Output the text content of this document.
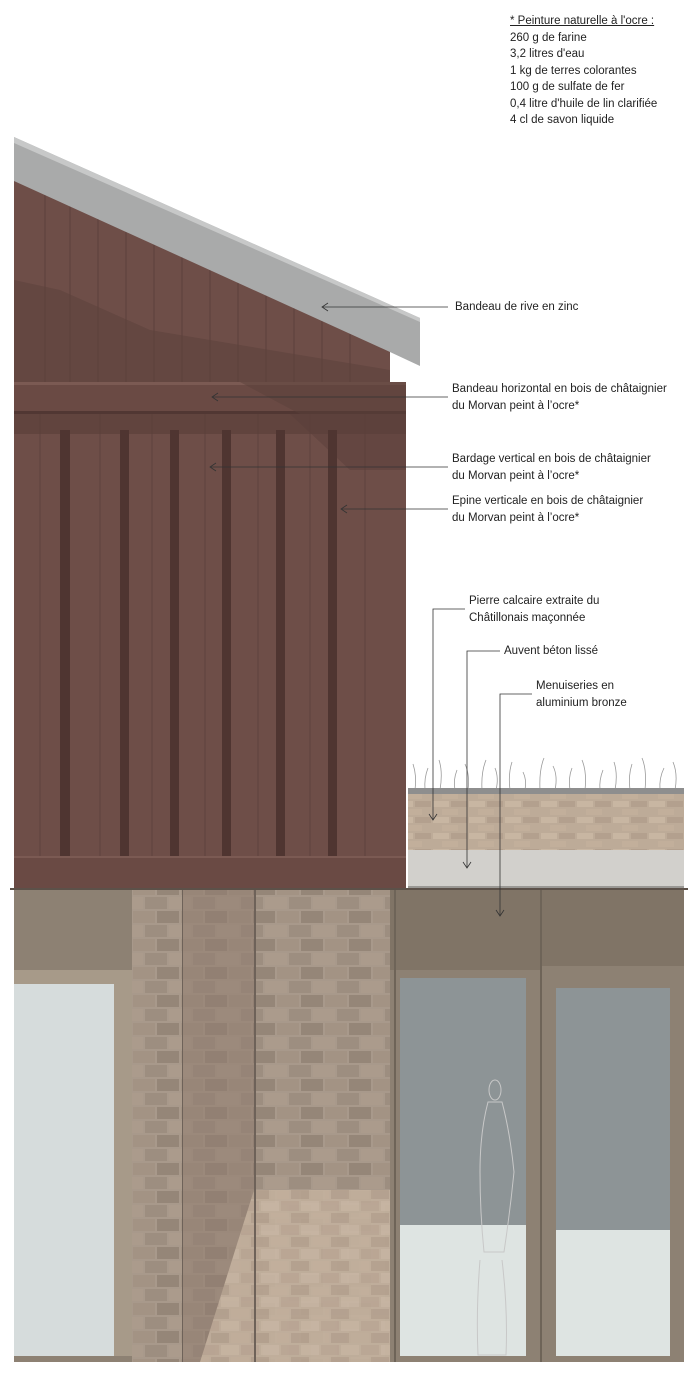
* Peinture naturelle à l'ocre :
260 g de farine
3,2 litres d'eau
1 kg de terres colorantes
100 g de sulfate de fer
0,4 litre d'huile de lin clarifiée
4 cl de savon liquide
Bandeau de rive en zinc
Bandeau horizontal en bois de châtaignier
du Morvan peint à l’ocre*
Bardage vertical en bois de châtaignier
du Morvan peint à l’ocre*
Epine verticale en bois de châtaignier
du Morvan peint à l’ocre*
Pierre calcaire extraite du
Châtillonais maçonnée
Auvent béton lissé
Menuiseries en
aluminium bronze
